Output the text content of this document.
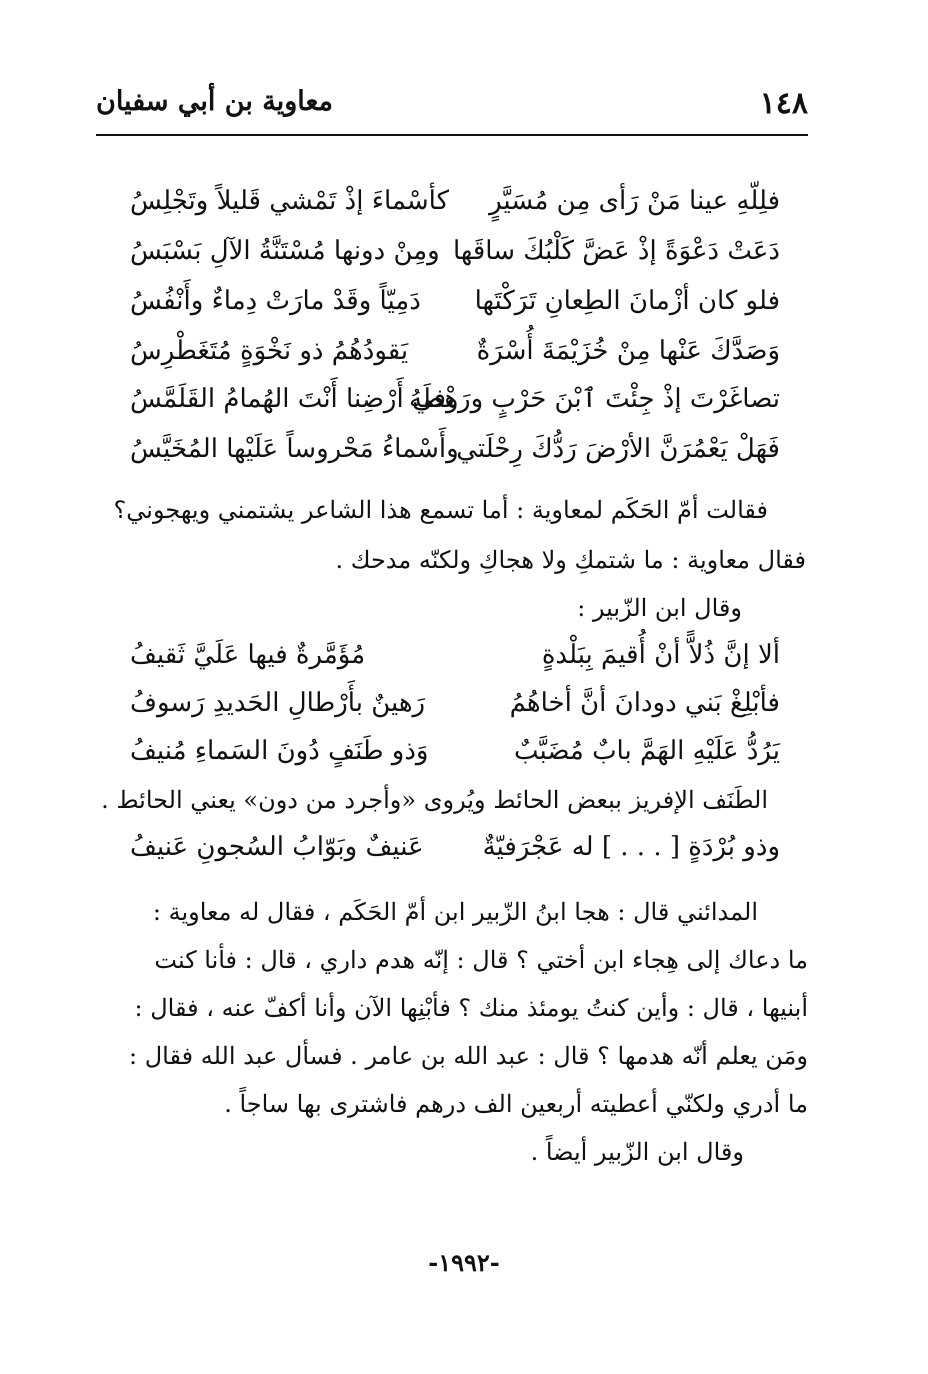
١٤٨
معاوية بن أبي سفيان
فلِلّهِ عينا مَنْ رَأى مِن مُسَيَّرٍ
كأسْماءَ إذْ تَمْشي قَليلاً وتَجْلِسُ
دَعَتْ دَعْوَةً إذْ عَضَّ كَلْبُكَ ساقَها
ومِنْ دونها مُسْتَنَّةُ الآلِ بَسْبَسُ
فلو كان أزْمانَ الطِعانِ تَرَكْتَها
دَمِيّاً وقَدْ مارَتْ دِماءٌ وأَنْفُسُ
وَصَدَّكَ عَنْها مِنْ خُزَيْمَةَ أُسْرَةٌ
يَقودُهُمُ ذو نَخْوَةٍ مُتَغَطْرِسُ
تصاغَرْتَ إذْ جِئْتَ ٱبْنَ حَرْبٍ ورَهْطَهُ
وفي أَرْضِنا أَنْتَ الهُمامُ القَلَمَّسُ
فَهَلْ يَعْمُرَنَّ الأرْضَ رَدُّكَ رِحْلَتي
وأَسْماءُ مَحْروساً عَلَيْها المُخَيَّسُ
فقالت أمّ الحَكَم لمعاوية : أما تسمع هذا الشاعر يشتمني ويهجوني؟
فقال معاوية : ما شتمكِ ولا هجاكِ ولكنّه مدحك .
وقال ابن الزّبير :
ألا إنَّ ذُلاًّ أنْ أُقيمَ بِبَلْدةٍ
مُؤَمَّرةٌ فيها عَلَيَّ ثَقيفُ
فأبْلِغْ بَني دودانَ أنَّ أخاهُمُ
رَهينٌ بأَرْطالِ الحَديدِ رَسوفُ
يَرُدُّ عَلَيْهِ الهَمَّ بابٌ مُضَبَّبٌ
وَذو طَنَفٍ دُونَ السَماءِ مُنيفُ
الطَنَف الإفريز ببعض الحائط ويُروى «وأجرد من دون» يعني الحائط .
وذو بُرْدَةٍ [ . . . ] له عَجْرَفيّةٌ
عَنيفٌ وبَوّابُ السُجونِ عَنيفُ
المدائني قال : هجا ابنُ الزّبير ابن أمّ الحَكَم ، فقال له معاوية :
ما دعاك إلى هِجاء ابن أختي ؟ قال : إنّه هدم داري ، قال : فأنا كنت
أبنيها ، قال : وأين كنتُ يومئذ منك ؟ فأبْنِها الآن وأنا أكفّ عنه ، فقال :
ومَن يعلم أنّه هدمها ؟ قال : عبد الله بن عامر . فسأل عبد الله فقال :
ما أدري ولكنّي أعطيته أربعين الف درهم فاشترى بها ساجاً .
وقال ابن الزّبير أيضاً .
-١٩٩٢-
